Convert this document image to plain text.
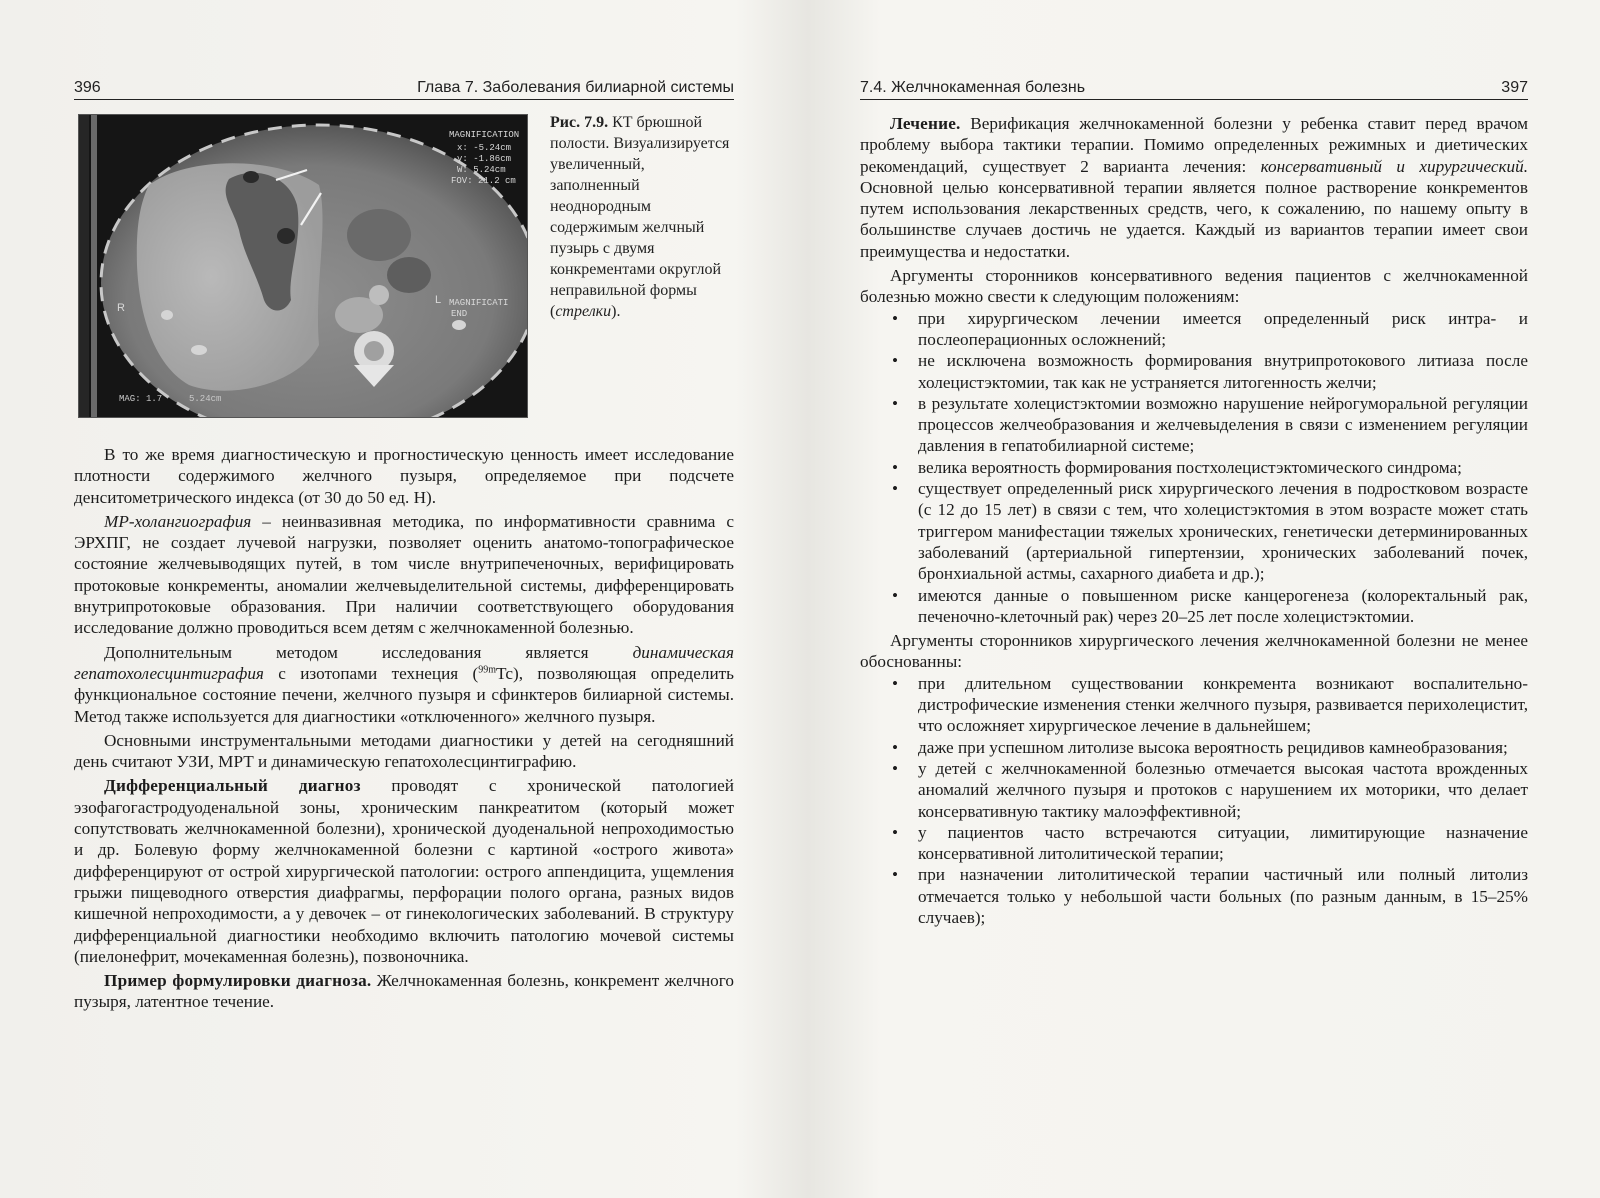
396	Глава 7. Заболевания билиарной системы
MAGNIFICATION
x: -5.24cm
y: -1.86cm
W: 5.24cm
FOV: 21.2 cm
R
L MAGNIFICATI
END
MAG: 1.7	5.24cm
Рис. 7.9. КТ брюшной полости. Визуализируется увеличенный, заполненный неоднородным содержимым желчный пузырь с двумя конкрементами округлой неправильной формы (стрелки).

В то же время диагностическую и прогностическую ценность имеет исследование плотности содержимого желчного пузыря, определяемое при подсчете денситометрического индекса (от 30 до 50 ед. Н).

МР-холангиография – неинвазивная методика, по информативности сравнима с ЭРХПГ, не создает лучевой нагрузки, позволяет оценить анатомо-топографическое состояние желчевыводящих путей, в том числе внутрипеченочных, верифицировать протоковые конкременты, аномалии желчевыделительной системы, дифференцировать внутрипротоковые образования. При наличии соответствующего оборудования исследование должно проводиться всем детям с желчнокаменной болезнью.

Дополнительным методом исследования является динамическая гепатохолесцинтиграфия с изотопами технеция ($^{99m}$Tc), позволяющая определить функциональное состояние печени, желчного пузыря и сфинктеров билиарной системы. Метод также используется для диагностики «отключенного» желчного пузыря.

Основными инструментальными методами диагностики у детей на сегодняшний день считают УЗИ, МРТ и динамическую гепатохолесцинтиграфию.

Дифференциальный диагноз проводят с хронической патологией эзофагогастродуоденальной зоны, хроническим панкреатитом (который может сопутствовать желчнокаменной болезни), хронической дуоденальной непроходимостью и др. Болевую форму желчнокаменной болезни с картиной «острого живота» дифференцируют от острой хирургической патологии: острого аппендицита, ущемления грыжи пищеводного отверстия диафрагмы, перфорации полого органа, разных видов кишечной непроходимости, а у девочек – от гинекологических заболеваний. В структуру дифференциальной диагностики необходимо включить патологию мочевой системы (пиелонефрит, мочекаменная болезнь), позвоночника.

Пример формулировки диагноза. Желчнокаменная болезнь, конкремент желчного пузыря, латентное течение.

7.4. Желчнокаменная болезнь	397

Лечение. Верификация желчнокаменной болезни у ребенка ставит перед врачом проблему выбора тактики терапии. Помимо определенных режимных и диетических рекомендаций, существует 2 варианта лечения: консервативный и хирургический. Основной целью консервативной терапии является полное растворение конкрементов путем использования лекарственных средств, чего, к сожалению, по нашему опыту в большинстве случаев достичь не удается. Каждый из вариантов терапии имеет свои преимущества и недостатки.

Аргументы сторонников консервативного ведения пациентов с желчнокаменной болезнью можно свести к следующим положениям:

• при хирургическом лечении имеется определенный риск интра- и послеоперационных осложнений;
• не исключена возможность формирования внутрипротокового литиаза после холецистэктомии, так как не устраняется литогенность желчи;
• в результате холецистэктомии возможно нарушение нейрогуморальной регуляции процессов желчеобразования и желчевыделения в связи с изменением регуляции давления в гепатобилиарной системе;
• велика вероятность формирования постхолецистэктомического синдрома;
• существует определенный риск хирургического лечения в подростковом возрасте (с 12 до 15 лет) в связи с тем, что холецистэктомия в этом возрасте может стать триггером манифестации тяжелых хронических, генетически детерминированных заболеваний (артериальной гипертензии, хронических заболеваний почек, бронхиальной астмы, сахарного диабета и др.);
• имеются данные о повышенном риске канцерогенеза (колоректальный рак, печеночно-клеточный рак) через 20–25 лет после холецистэктомии.

Аргументы сторонников хирургического лечения желчнокаменной болезни не менее обоснованны:

• при длительном существовании конкремента возникают воспалительно-дистрофические изменения стенки желчного пузыря, развивается перихолецистит, что осложняет хирургическое лечение в дальнейшем;
• даже при успешном литолизе высока вероятность рецидивов камнеобразования;
• у детей с желчнокаменной болезнью отмечается высокая частота врожденных аномалий желчного пузыря и протоков с нарушением их моторики, что делает консервативную тактику малоэффективной;
• у пациентов часто встречаются ситуации, лимитирующие назначение консервативной литолитической терапии;
• при назначении литолитической терапии частичный или полный литолиз отмечается только у небольшой части больных (по разным данным, в 15–25% случаев);
